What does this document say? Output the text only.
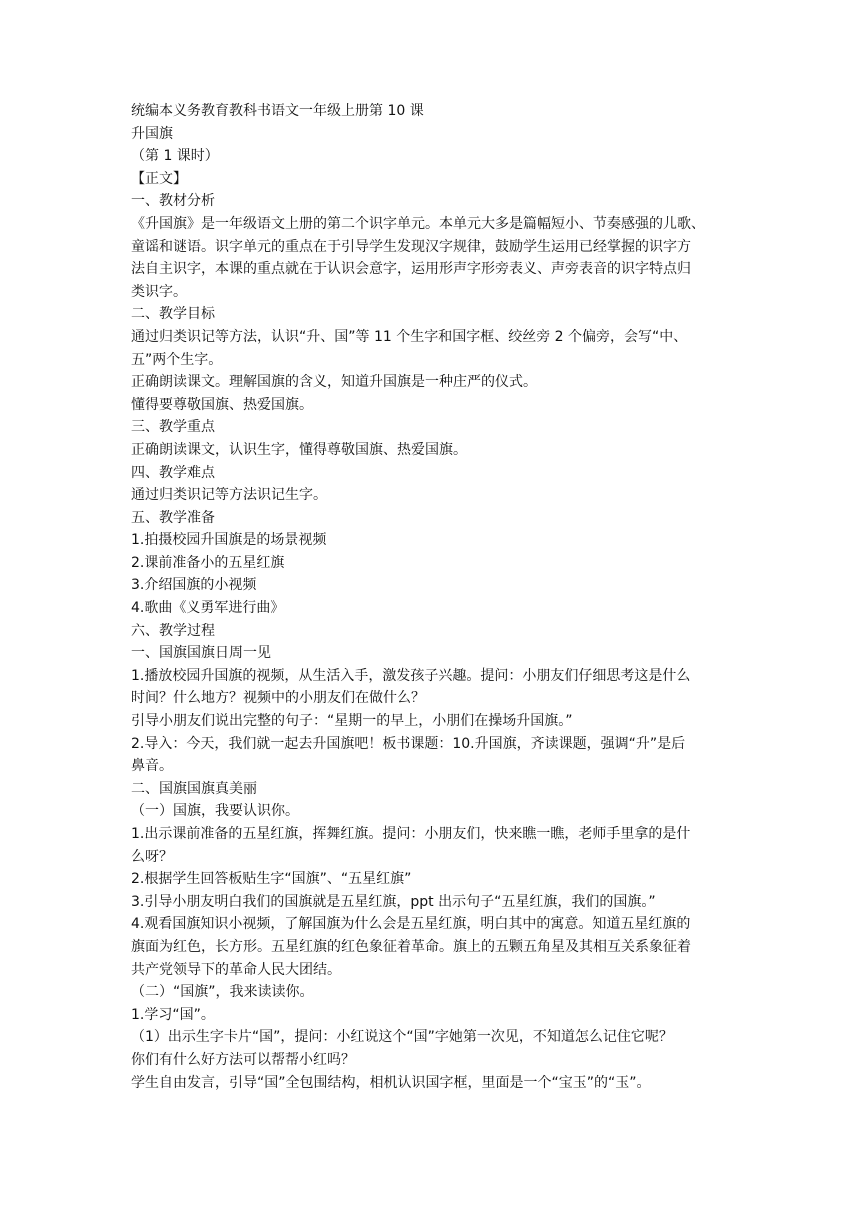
统编本义务教育教科书语文一年级上册第 10 课

升国旗

（第 1 课时）

【正文】

一、教材分析

《升国旗》是一年级语文上册的第二个识字单元。本单元大多是篇幅短小、节奏感强的儿歌、

童谣和谜语。识字单元的重点在于引导学生发现汉字规律，鼓励学生运用已经掌握的识字方

法自主识字，本课的重点就在于认识会意字，运用形声字形旁表义、声旁表音的识字特点归

类识字。

二、教学目标

通过归类识记等方法，认识“升、国”等 11 个生字和国字框、绞丝旁 2 个偏旁，会写“中、

五”两个生字。

正确朗读课文。理解国旗的含义，知道升国旗是一种庄严的仪式。

懂得要尊敬国旗、热爱国旗。

三、教学重点

正确朗读课文，认识生字，懂得尊敬国旗、热爱国旗。

四、教学难点

通过归类识记等方法识记生字。

五、教学准备

1.拍摄校园升国旗是的场景视频

2.课前准备小的五星红旗

3.介绍国旗的小视频

4.歌曲《义勇军进行曲》

六、教学过程

一、国旗国旗日周一见

1.播放校园升国旗的视频，从生活入手，激发孩子兴趣。提问：小朋友们仔细思考这是什么

时间？什么地方？视频中的小朋友们在做什么？

引导小朋友们说出完整的句子：“星期一的早上，小朋们在操场升国旗。”

2.导入：今天，我们就一起去升国旗吧！板书课题：10.升国旗，齐读课题，强调“升”是后

鼻音。

二、国旗国旗真美丽

（一）国旗，我要认识你。

1.出示课前准备的五星红旗，挥舞红旗。提问：小朋友们，快来瞧一瞧，老师手里拿的是什

么呀？

2.根据学生回答板贴生字“国旗”、“五星红旗”

3.引导小朋友明白我们的国旗就是五星红旗，ppt 出示句子“五星红旗，我们的国旗。”

4.观看国旗知识小视频，了解国旗为什么会是五星红旗，明白其中的寓意。知道五星红旗的

旗面为红色，长方形。五星红旗的红色象征着革命。旗上的五颗五角星及其相互关系象征着

共产党领导下的革命人民大团结。

（二）“国旗”，我来读读你。

1.学习“国”。

（1）出示生字卡片“国”，提问：小红说这个“国”字她第一次见，不知道怎么记住它呢？

你们有什么好方法可以帮帮小红吗？

学生自由发言，引导“国”全包围结构，相机认识国字框，里面是一个“宝玉”的“玉”。
